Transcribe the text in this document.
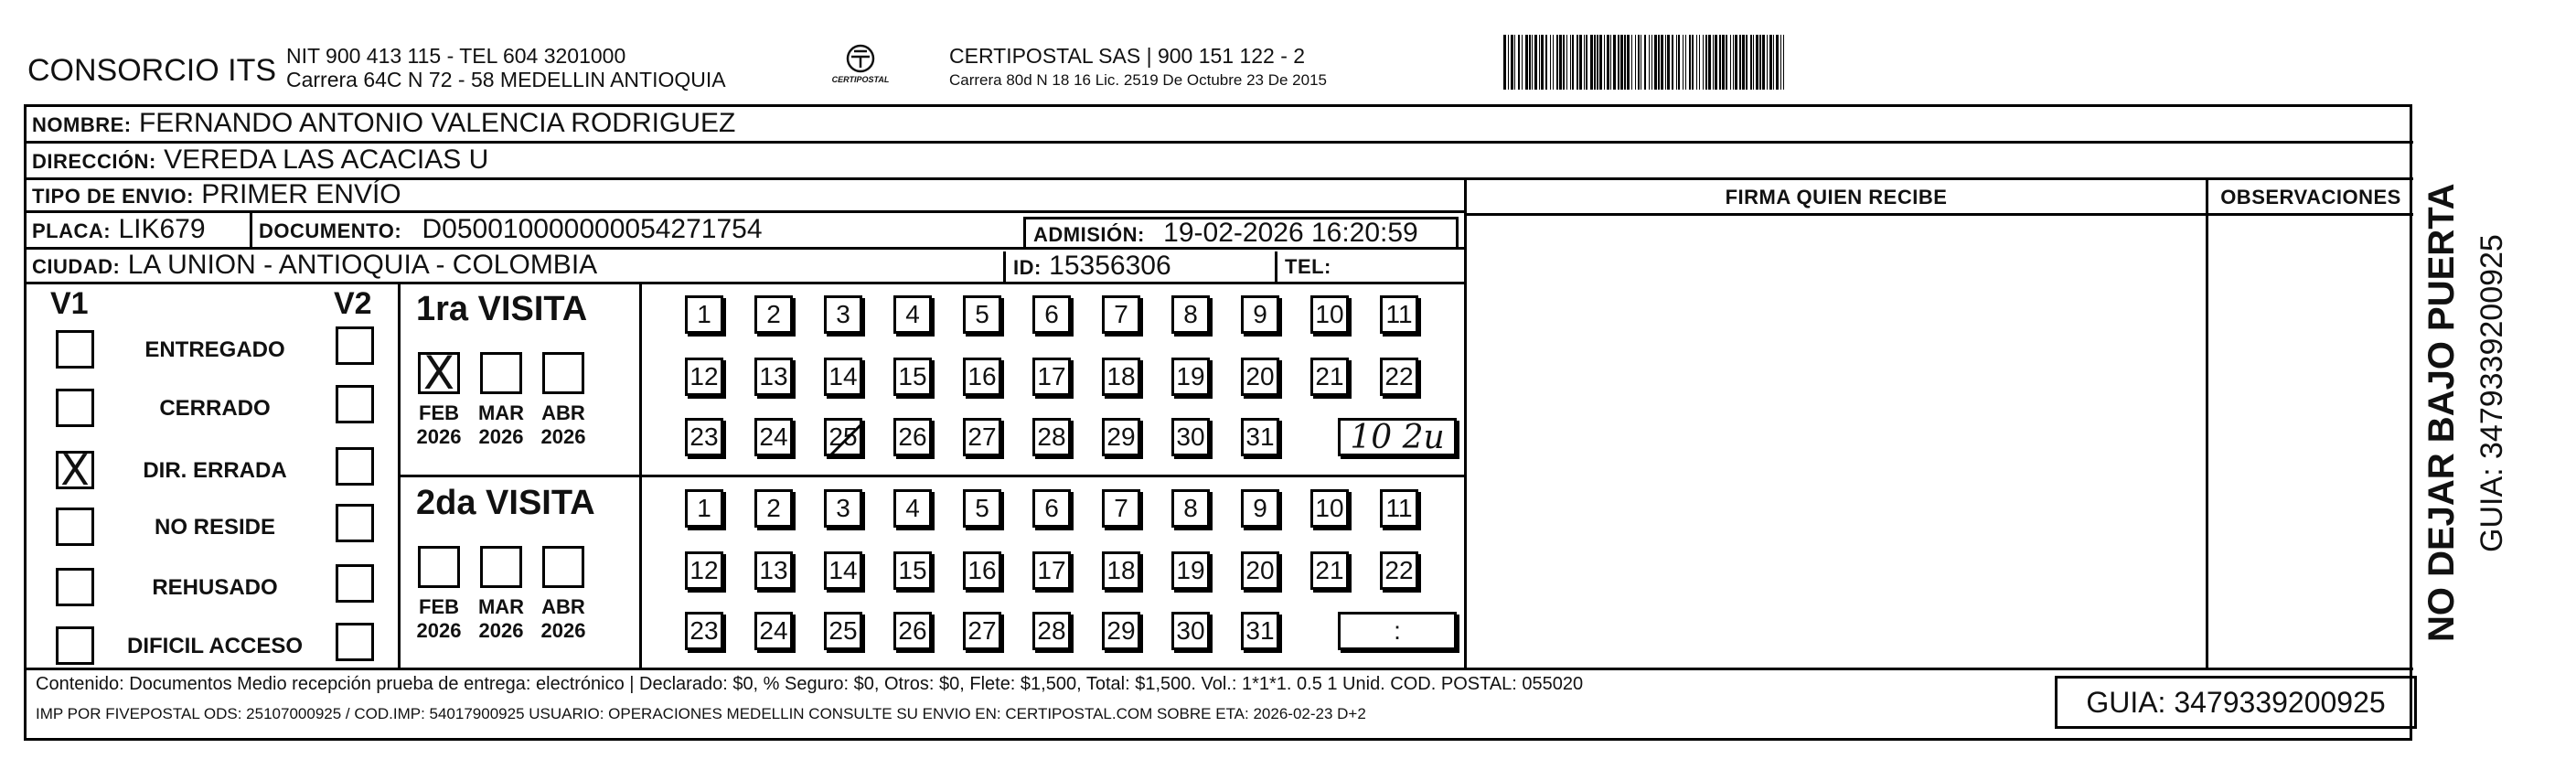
CONSORCIO ITS NIT 900 413 115 - TEL 604 3201000
Carrera 64C N 72 - 58 MEDELLIN ANTIOQUIA	CERTIPOSTAL
CERTIPOSTAL SAS | 900 151 122 - 2
Carrera 80d N 18 16 Lic. 2519 De Octubre 23 De 2015
NOMBRE: FERNANDO ANTONIO VALENCIA RODRIGUEZ
DIRECCIÓN: VEREDA LAS ACACIAS U
FIRMA QUIEN RECIBE	OBSERVACIONES
TIPO DE ENVIO: PRIMER ENVÍO
PLACA: LIK679	DOCUMENTO: D050010000000054271754	ADMISIÓN: 19-02-2026 16:20:59
CIUDAD: LA UNION - ANTIOQUIA - COLOMBIA	ID: 15356306	TEL:
V1	V2
ENTREGADO
CERRADO
X	DIR. ERRADA
NO RESIDE
REHUSADO
DIFICIL ACCESO
1ra VISITA
X
FEB
2026
MAR
2026
ABR
2026
1	2	3	4	5	6	7	8	9	10 11
12 13 14 15 16 17 18 19 20 21 22
23 24 25 26 27 28 29 30 31	10 2u
2da VISITA
FEB
2026
MAR
2026
ABR
2026
1	2	3	4	5	6	7	8	9	10 11
12 13 14 15 16 17 18 19 20 21 22
23 24 25 26 27 28 29 30 31	:
Contenido: Documentos Medio recepción prueba de entrega: electrónico | Declarado: $0, % Seguro: $0, Otros: $0, Flete: $1,500, Total: $1,500. Vol.: 1*1*1. 0.5 1 Unid. COD. POSTAL: 055020
IMP POR FIVEPOSTAL ODS: 25107000925 / COD.IMP: 54017900925 USUARIO: OPERACIONES MEDELLIN CONSULTE SU ENVIO EN: CERTIPOSTAL.COM SOBRE ETA: 2026-02-23 D+2	GUIA: 3479339200925
NO DEJAR BAJO PUERTA GUIA: 3479339200925
